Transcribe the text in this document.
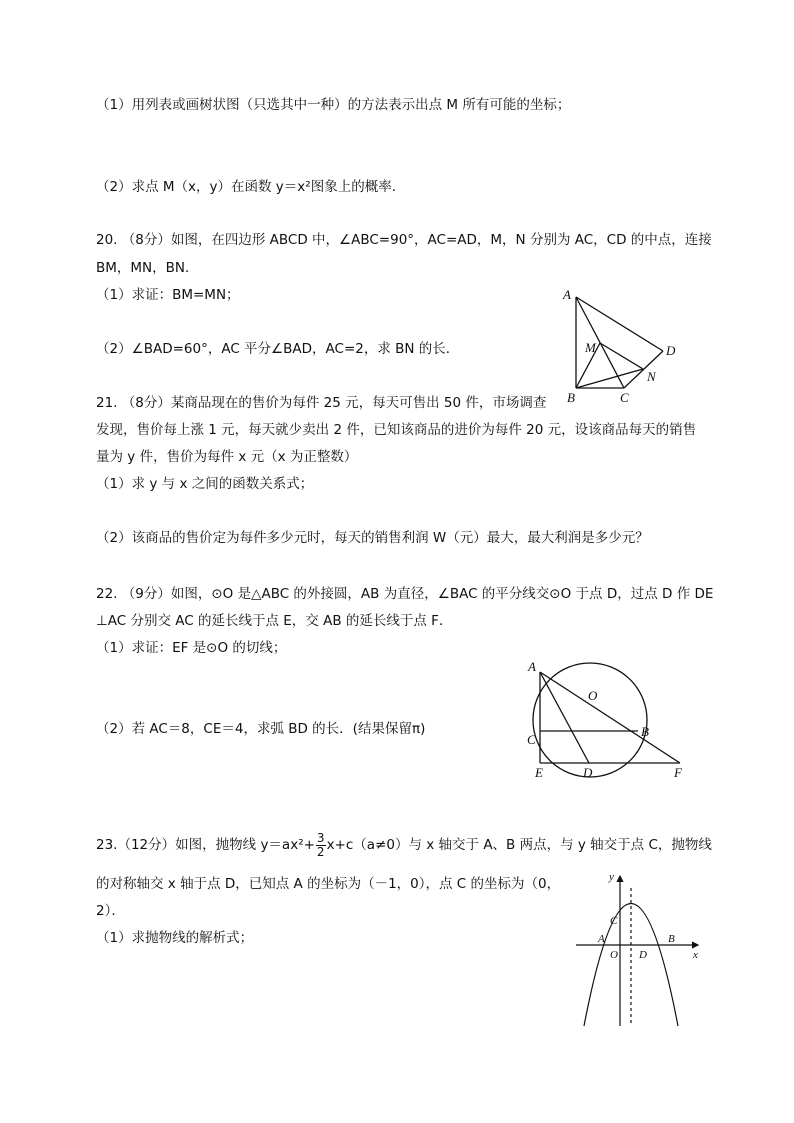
（1）用列表或画树状图（只选其中一种）的方法表示出点 M 所有可能的坐标；
（2）求点 M（x，y）在函数 y＝x²图象上的概率．
20. （8分）如图，在四边形 ABCD 中，∠ABC=90°，AC=AD，M，N 分别为 AC，CD 的中点，连接
BM，MN，BN．
（1）求证：BM=MN；
（2）∠BAD=60°，AC 平分∠BAD，AC=2，求 BN 的长．
A
M	D
N
B	C
21. （8分）某商品现在的售价为每件 25 元，每天可售出 50 件，市场调查
发现，售价每上涨 1 元，每天就少卖出 2 件，已知该商品的进价为每件 20 元，设该商品每天的销售
量为 y 件，售价为每件 x 元（x 为正整数）
（1）求 y 与 x 之间的函数关系式；
（2）该商品的售价定为每件多少元时，每天的销售利润 W（元）最大，最大利润是多少元？
22. （9分）如图，⊙O 是△ABC 的外接圆，AB 为直径，∠BAC 的平分线交⊙O 于点 D，过点 D 作 DE
⊥AC 分别交 AC 的延长线于点 E，交 AB 的延长线于点 F．
（1）求证：EF 是⊙O 的切线；
（2）若 AC＝8，CE＝4，求弧 BD 的长．(结果保留π)
A
O
B
C
E	D	F
23.（12分）如图，抛物线 $y=ax^2+ \frac{3}{2} x+c(a\ne 0)$与 x 轴交于 A、B 两点，与 y 轴交于点 C，抛物线
的对称轴交 x 轴于点 D，已知点 A 的坐标为（－1，0），点 C 的坐标为（0，
2）．
（1）求抛物线的解析式；
y
C
A	B
O D	x
